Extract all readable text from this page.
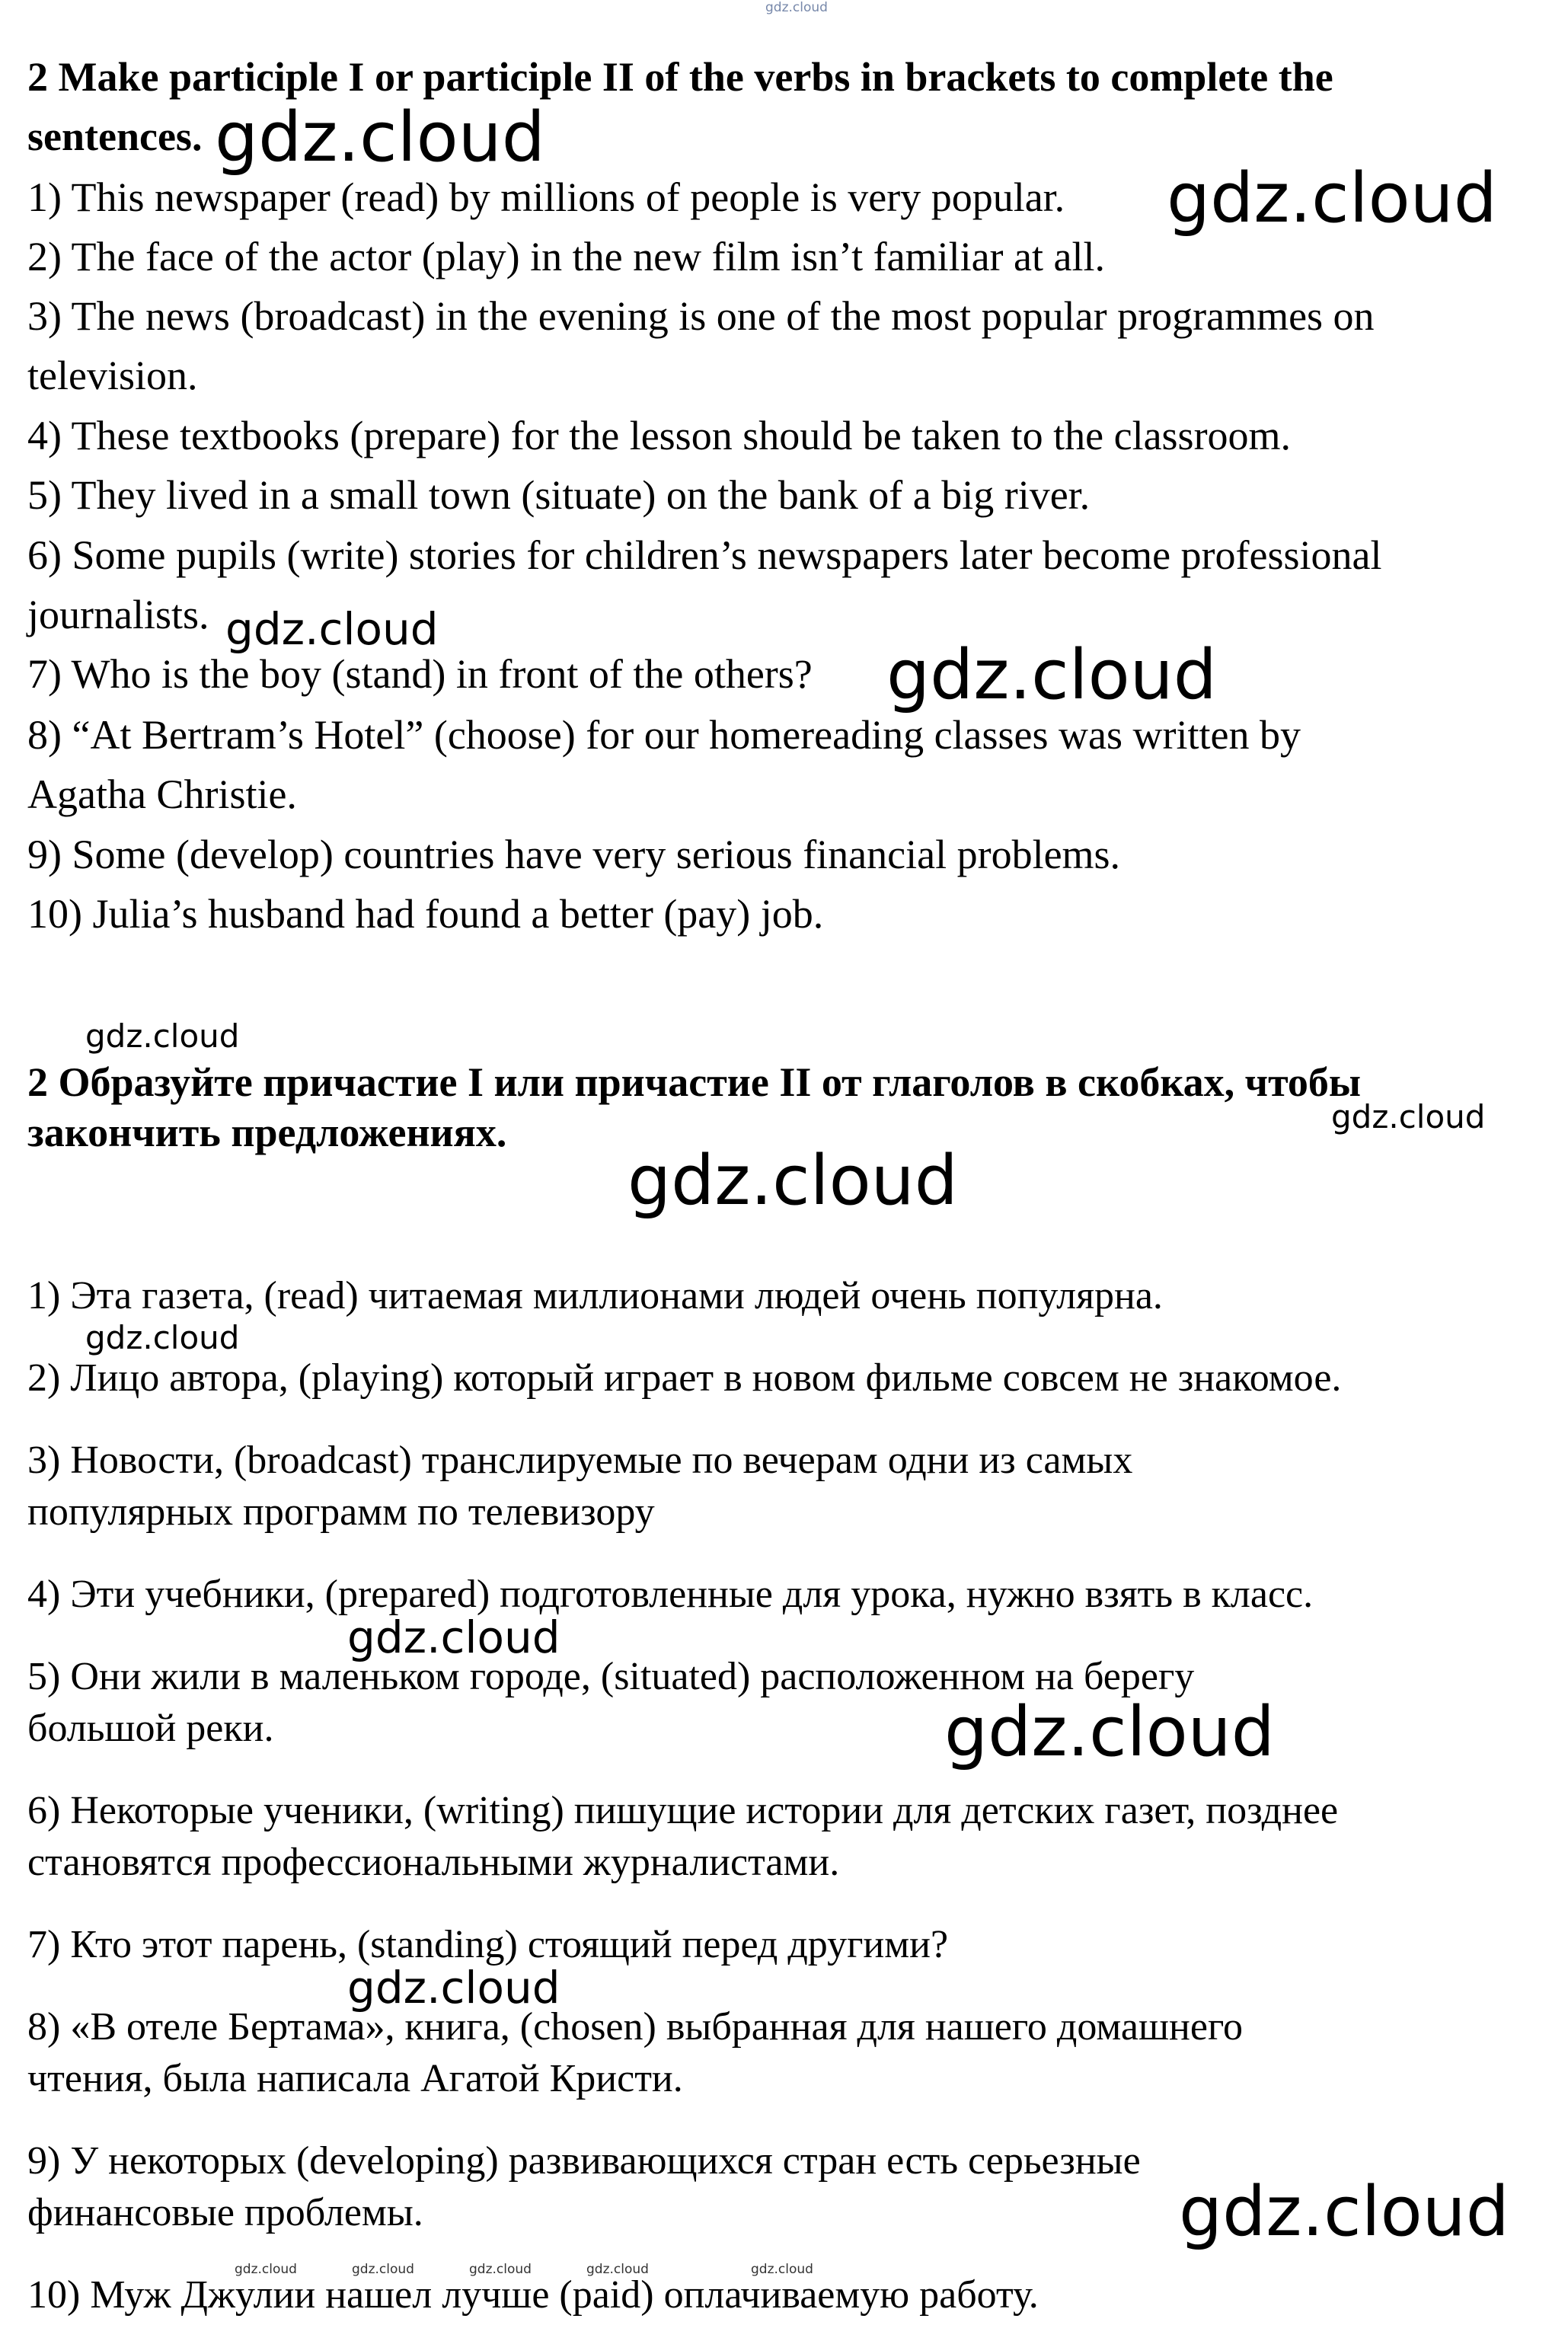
2 Make participle I or participle II of the verbs in brackets to complete the
sentences.
1) This newspaper (read) by millions of people is very popular.
2) The face of the actor (play) in the new film isn’t familiar at all.
3) The news (broadcast) in the evening is one of the most popular programmes on
television.
4) These textbooks (prepare) for the lesson should be taken to the classroom.
5) They lived in a small town (situate) on the bank of a big river.
6) Some pupils (write) stories for children’s newspapers later become professional
journalists.
7) Who is the boy (stand) in front of the others?
8) “At Bertram’s Hotel” (choose) for our homereading classes was written by
Agatha Christie.
9) Some (develop) countries have very serious financial problems.
10) Julia’s husband had found a better (pay) job.
2 Образуйте причастие I или причастие II от глаголов в скобках, чтобы
закончить предложениях.
1) Эта газета, (read) читаемая миллионами людей очень популярна.
2) Лицо автора, (playing) который играет в новом фильме совсем не знакомое.
3) Новости, (broadcast) транслируемые по вечерам одни из самых
популярных программ по телевизору
4) Эти учебники, (prepared) подготовленные для урока, нужно взять в класс.
5) Они жили в маленьком городе, (situated) расположенном на берегу
большой реки.
6) Некоторые ученики, (writing) пишущие истории для детских газет, позднее
становятся профессиональными журналистами.
7) Кто этот парень, (standing) стоящий перед другими?
8) «В отеле Бертама», книга, (chosen) выбранная для нашего домашнего
чтения, была написала Агатой Кристи.
9) У некоторых (developing) развивающихся стран есть серьезные
финансовые проблемы.
10) Муж Джулии нашел лучше (paid) оплачиваемую работу.
gdz.cloud
gdz.cloud
gdz.cloud
gdz.cloud
gdz.cloud
gdz.cloud
gdz.cloud
gdz.cloud
gdz.cloud
gdz.cloud
gdz.cloud
gdz.cloud
gdz.cloud
gdz.cloud	gdz.cloud	gdz.cloud	gdz.cloud	gdz.cloud
